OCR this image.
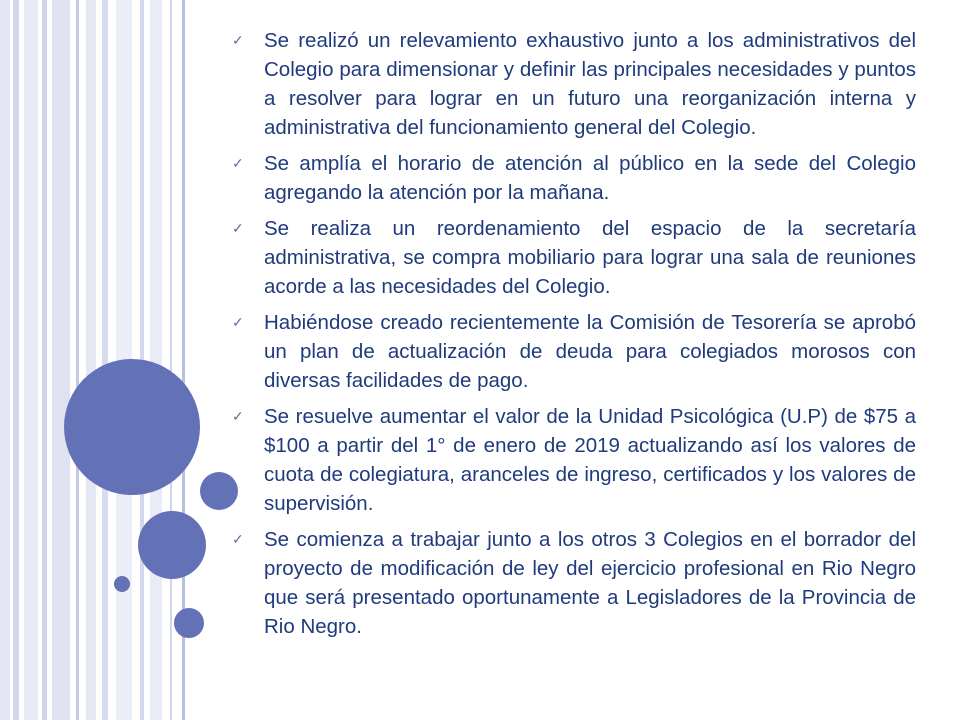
✓ Se realizó un relevamiento exhaustivo junto a los administrativos del Colegio para dimensionar y definir las principales necesidades y puntos a resolver para lograr en un futuro una reorganización interna y administrativa del funcionamiento general del Colegio.
✓ Se amplía el horario de atención al público en la sede del Colegio agregando la atención por la mañana.
✓ Se realiza un reordenamiento del espacio de la secretaría administrativa, se compra mobiliario para lograr una sala de reuniones acorde a las necesidades del Colegio.
✓ Habiéndose creado recientemente la Comisión de Tesorería se aprobó un plan de actualización de deuda para colegiados morosos con diversas facilidades de pago.
✓ Se resuelve aumentar el valor de la Unidad Psicológica (U.P) de $75 a $100 a partir del 1° de enero de 2019 actualizando así los valores de cuota de colegiatura, aranceles de ingreso, certificados y los valores de supervisión.
✓ Se comienza a trabajar junto a los otros 3 Colegios en el borrador del proyecto de modificación de ley del ejercicio profesional en Rio Negro que será presentado oportunamente a Legisladores de la Provincia de Rio Negro.
